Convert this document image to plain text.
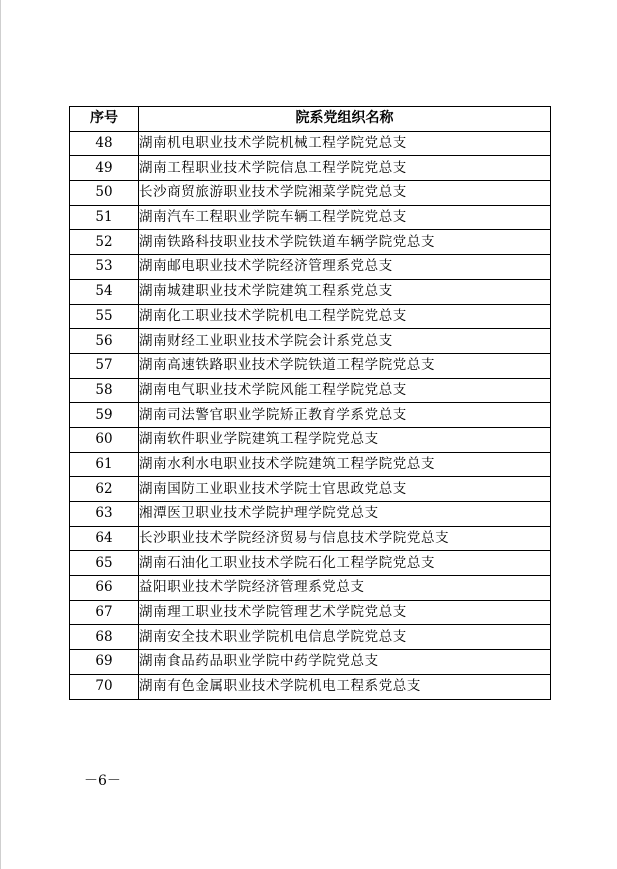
序号	院系党组织名称
48	湖南机电职业技术学院机械工程学院党总支
49	湖南工程职业技术学院信息工程学院党总支
50	长沙商贸旅游职业技术学院湘菜学院党总支
51	湖南汽车工程职业学院车辆工程学院党总支
52	湖南铁路科技职业技术学院铁道车辆学院党总支
53	湖南邮电职业技术学院经济管理系党总支
54	湖南城建职业技术学院建筑工程系党总支
55	湖南化工职业技术学院机电工程学院党总支
56	湖南财经工业职业技术学院会计系党总支
57	湖南高速铁路职业技术学院铁道工程学院党总支
58	湖南电气职业技术学院风能工程学院党总支
59	湖南司法警官职业学院矫正教育学系党总支
60	湖南软件职业学院建筑工程学院党总支
61	湖南水利水电职业技术学院建筑工程学院党总支
62	湖南国防工业职业技术学院士官思政党总支
63	湘潭医卫职业技术学院护理学院党总支
64	长沙职业技术学院经济贸易与信息技术学院党总支
65	湖南石油化工职业技术学院石化工程学院党总支
66	益阳职业技术学院经济管理系党总支
67	湖南理工职业技术学院管理艺术学院党总支
68	湖南安全技术职业学院机电信息学院党总支
69	湖南食品药品职业学院中药学院党总支
70	湖南有色金属职业技术学院机电工程系党总支
－6－
